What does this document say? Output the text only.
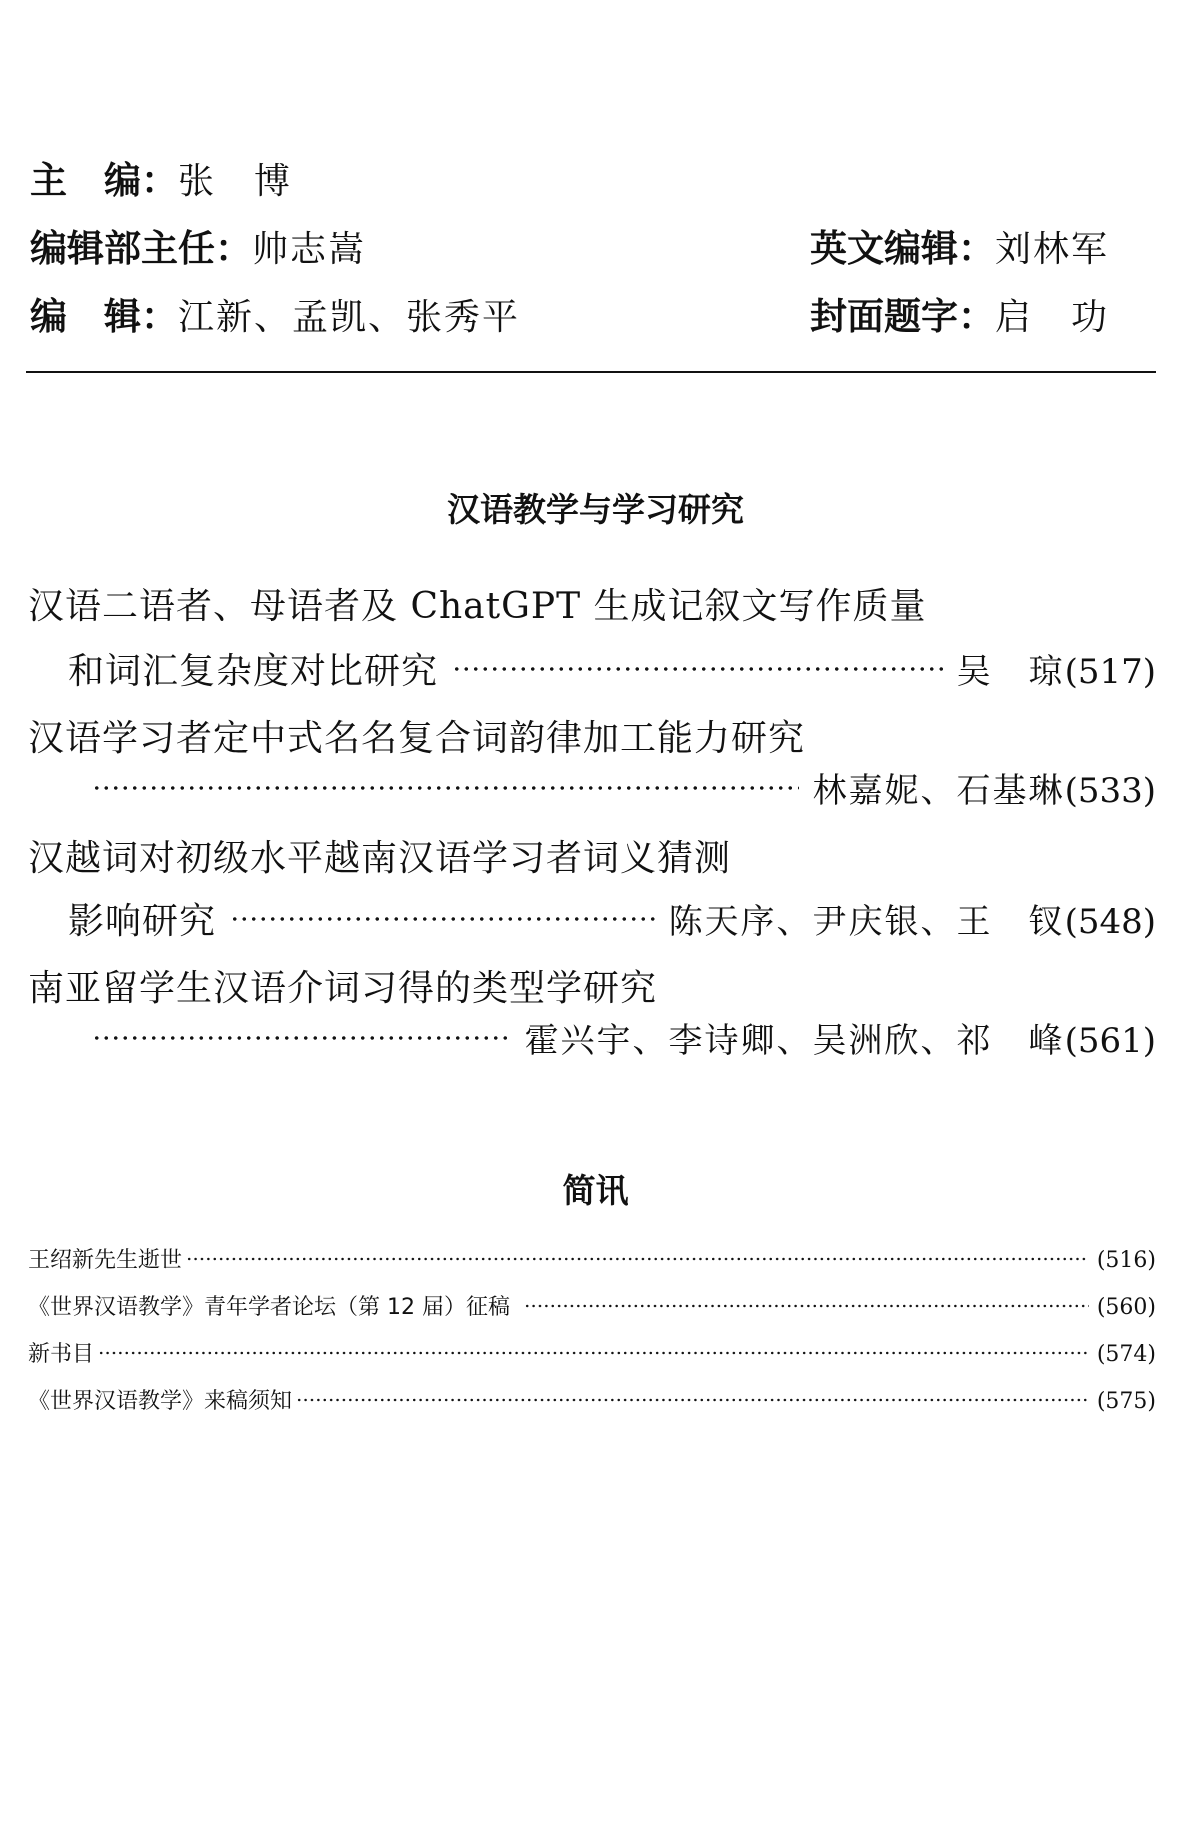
主　编：张　博
编辑部主任：帅志嵩	英文编辑：刘林军
编　辑：江新、孟凯、张秀平	封面题字：启　功
汉语教学与学习研究
汉语二语者、母语者及 ChatGPT 生成记叙文写作质量
和词汇复杂度对比研究	吴　琼 (517)
汉语学习者定中式名名复合词韵律加工能力研究
林嘉妮、石基琳 (533)
汉越词对初级水平越南汉语学习者词义猜测
影响研究	陈天序、尹庆银、王　钗 (548)
南亚留学生汉语介词习得的类型学研究
霍兴宇、李诗卿、吴洲欣、祁　峰 (561)
简讯
王绍新先生逝世	(516)
《世界汉语教学》青年学者论坛（第 12 届）征稿	(560)
新书目	(574)
《世界汉语教学》来稿须知	(575)
